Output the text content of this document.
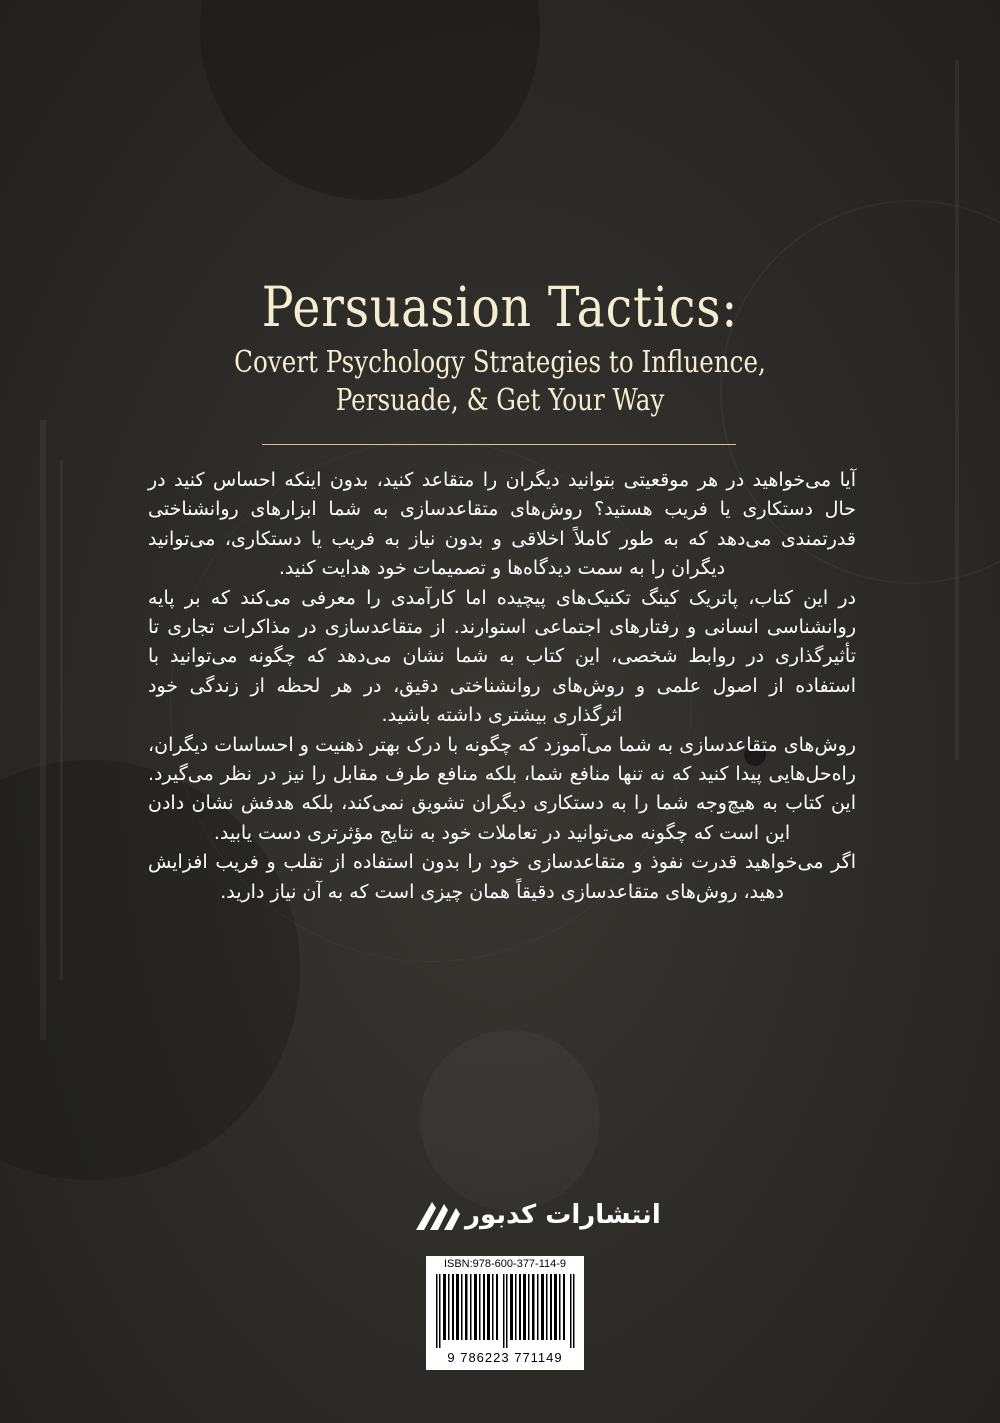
Persuasion Tactics:
Covert Psychology Strategies to Influence,
Persuade, & Get Your Way

آیا می‌خواهید در هر موقعیتی بتوانید دیگران را متقاعد کنید، بدون اینکه احساس کنید در حال دستکاری یا فریب هستید؟ روش‌های متقاعدسازی به شما ابزارهای روانشناختی قدرتمندی می‌دهد که به طور کاملاً اخلاقی و بدون نیاز به فریب یا دستکاری، می‌توانید دیگران را به سمت دیدگاه‌ها و تصمیمات خود هدایت کنید.

در این کتاب، پاتریک کینگ تکنیک‌های پیچیده اما کارآمدی را معرفی می‌کند که بر پایه روانشناسی انسانی و رفتارهای اجتماعی استوارند. از متقاعدسازی در مذاکرات تجاری تا تأثیرگذاری در روابط شخصی، این کتاب به شما نشان می‌دهد که چگونه می‌توانید با استفاده از اصول علمی و روش‌های روانشناختی دقیق، در هر لحظه از زندگی خود اثرگذاری بیشتری داشته باشید.

روش‌های متقاعدسازی به شما می‌آموزد که چگونه با درک بهتر ذهنیت و احساسات دیگران، راه‌حل‌هایی پیدا کنید که نه تنها منافع شما، بلکه منافع طرف مقابل را نیز در نظر می‌گیرد. این کتاب به هیچ‌وجه شما را به دستکاری دیگران تشویق نمی‌کند، بلکه هدفش نشان دادن این است که چگونه می‌توانید در تعاملات خود به نتایج مؤثرتری دست یابید.

اگر می‌خواهید قدرت نفوذ و متقاعدسازی خود را بدون استفاده از تقلب و فریب افزایش دهید، روش‌های متقاعدسازی دقیقاً همان چیزی است که به آن نیاز دارید.

انتشارات کدبور
ISBN:978-600-377-114-9
9 786223 771149
